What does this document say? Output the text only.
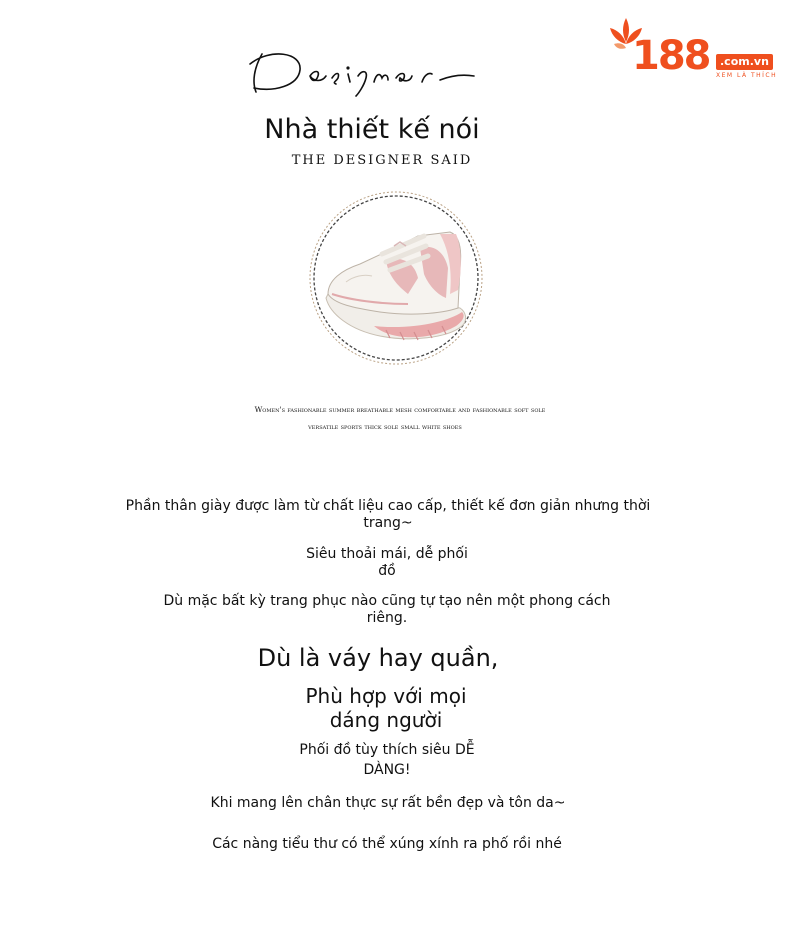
188 .com.vn
XEM LÀ THÍCH
Nhà thiết kế nói
THE DESIGNER SAID
Women's fashionable summer breathable mesh comfortable and fashionable soft sole
versatile sports thick sole small white shoes
Phần thân giày được làm từ chất liệu cao cấp, thiết kế đơn giản nhưng thời trang~
Siêu thoải mái, dễ phối đồ
Dù mặc bất kỳ trang phục nào cũng tự tạo nên một phong cách riêng.
Dù là váy hay quần,
Phù hợp với mọi dáng người
Phối đồ tùy thích siêu DỄ DÀNG!
Khi mang lên chân thực sự rất bền đẹp và tôn da~
Các nàng tiểu thư có thể xúng xính ra phố rồi nhé
